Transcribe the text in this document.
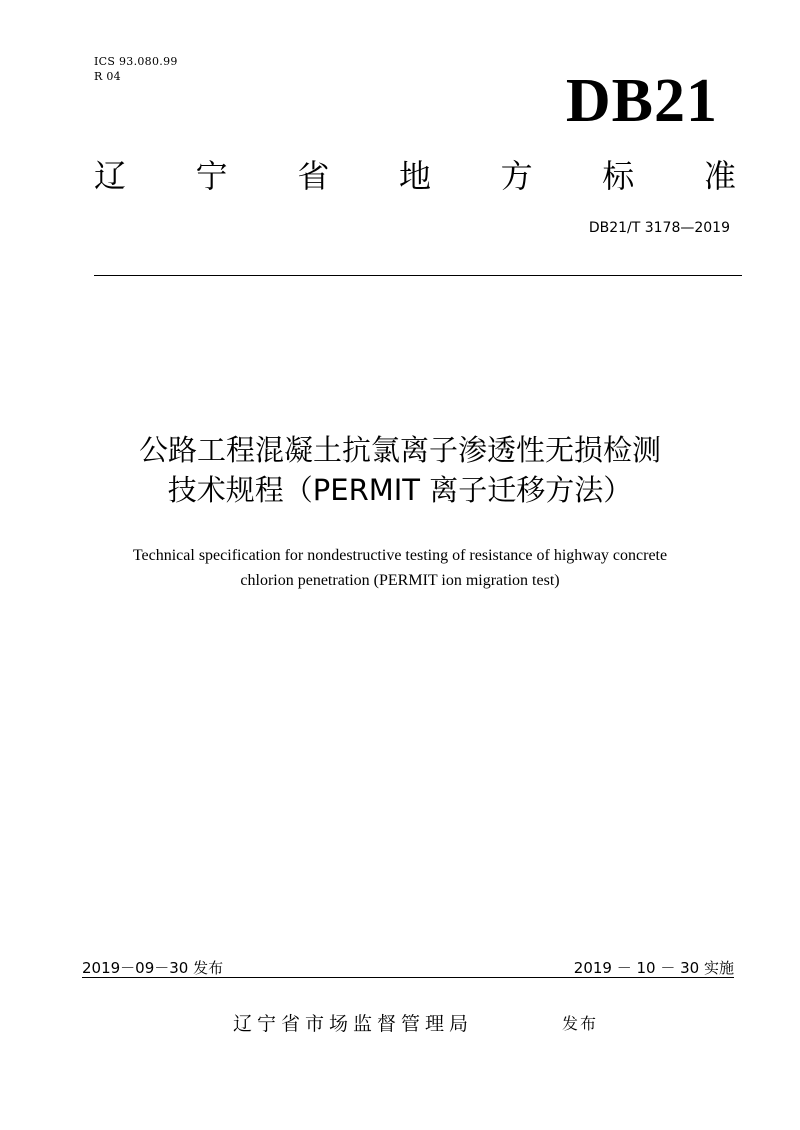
ICS 93.080.99
R 04	DB21
辽 宁 省 地 方 标 准
DB21/T 3178—2019
公路工程混凝土抗氯离子渗透性无损检测
技术规程（PERMIT 离子迁移方法）
Technical specification for nondestructive testing of resistance of highway concrete
chlorion penetration (PERMIT ion migration test)
2019－09－30 发布	2019 － 10 － 30 实施
辽宁省市场监督管理局	发布
